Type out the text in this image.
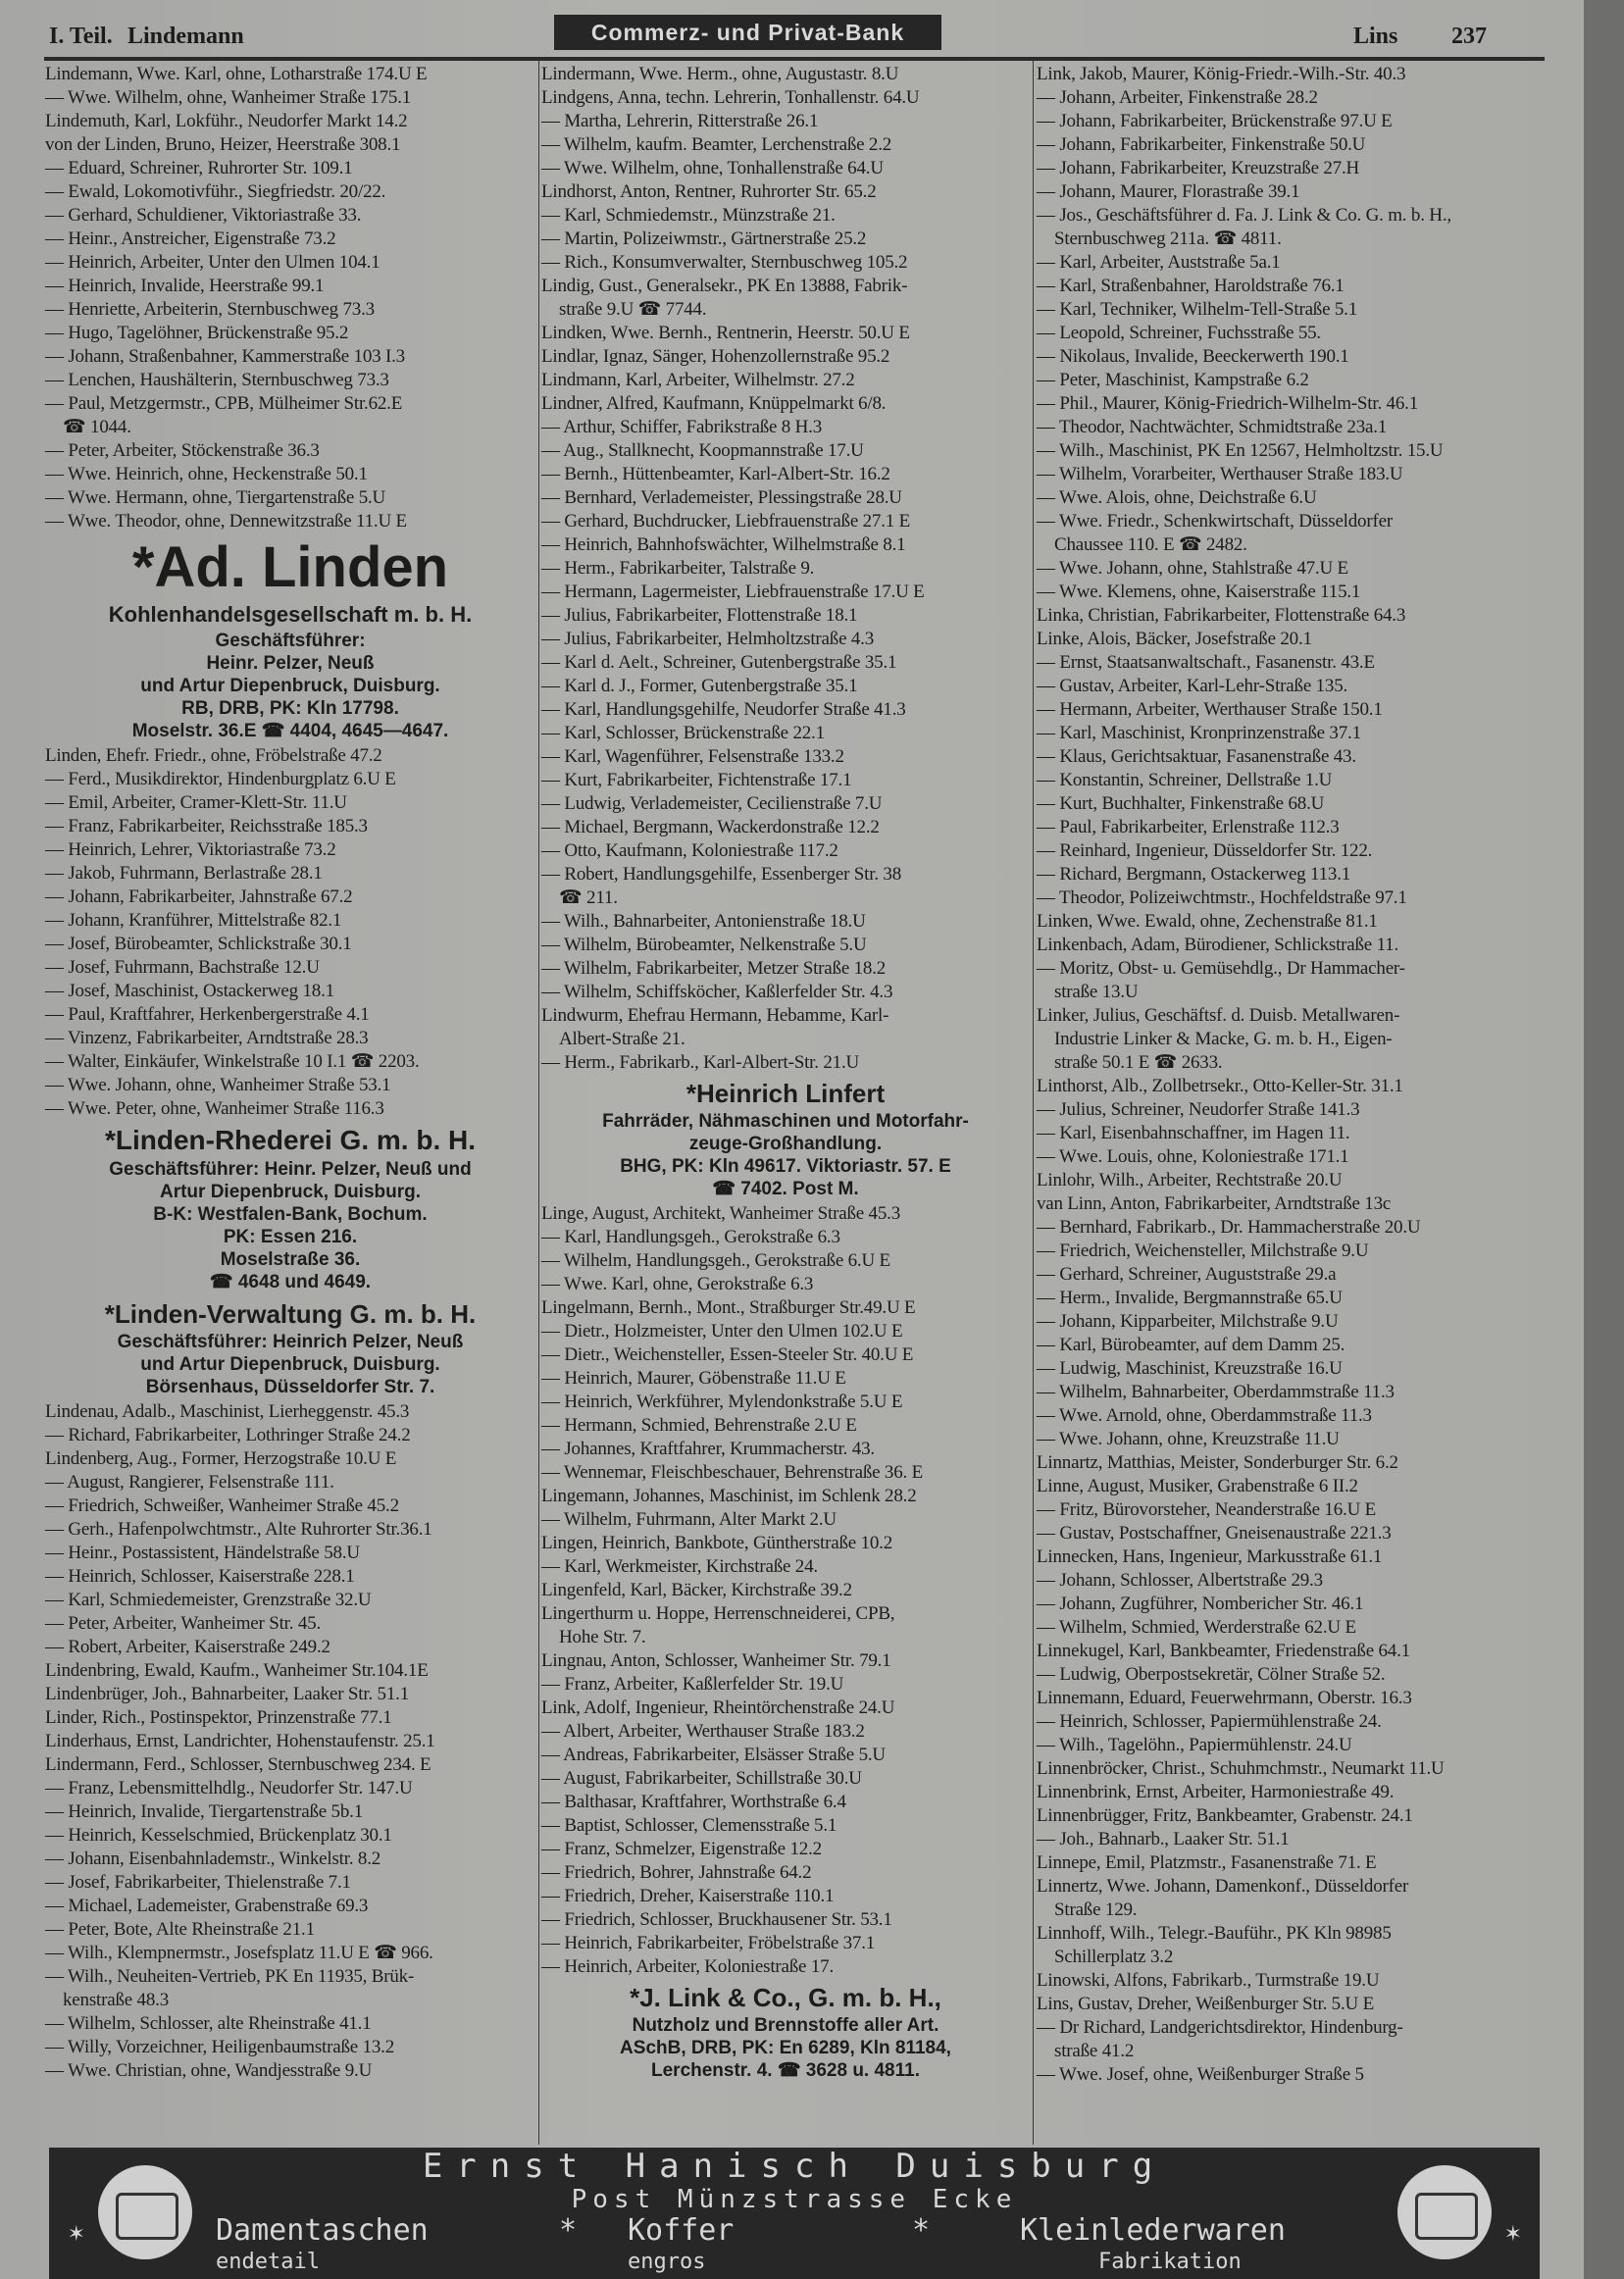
I. Teil. Lindemann	Commerz- und Privat-Bank	Lins 237
Lindemann, Wwe. Karl, ohne, Lotharstraße 174.U E
— Wwe. Wilhelm, ohne, Wanheimer Straße 175.1
Lindemuth, Karl, Lokführ., Neudorfer Markt 14.2
von der Linden, Bruno, Heizer, Heerstraße 308.1
— Eduard, Schreiner, Ruhrorter Str. 109.1
— Ewald, Lokomotivführ., Siegfriedstr. 20/22.
— Gerhard, Schuldiener, Viktoriastraße 33.
— Heinr., Anstreicher, Eigenstraße 73.2
— Heinrich, Arbeiter, Unter den Ulmen 104.1
— Heinrich, Invalide, Heerstraße 99.1
— Henriette, Arbeiterin, Sternbuschweg 73.3
— Hugo, Tagelöhner, Brückenstraße 95.2
— Johann, Straßenbahner, Kammerstraße 103 I.3
— Lenchen, Haushälterin, Sternbuschweg 73.3
— Paul, Metzgermstr., CPB, Mülheimer Str.62.E
☎ 1044.
— Peter, Arbeiter, Stöckenstraße 36.3
— Wwe. Heinrich, ohne, Heckenstraße 50.1
— Wwe. Hermann, ohne, Tiergartenstraße 5.U
— Wwe. Theodor, ohne, Dennewitzstraße 11.U E
*Ad. Linden
Kohlenhandelsgesellschaft m. b. H.
Geschäftsführer:
Heinr. Pelzer, Neuß
und Artur Diepenbruck, Duisburg.
RB, DRB, PK: Kln 17798.
Moselstr. 36.E ☎ 4404, 4645—4647.
Linden, Ehefr. Friedr., ohne, Fröbelstraße 47.2
— Ferd., Musikdirektor, Hindenburgplatz 6.U E
— Emil, Arbeiter, Cramer-Klett-Str. 11.U
— Franz, Fabrikarbeiter, Reichsstraße 185.3
— Heinrich, Lehrer, Viktoriastraße 73.2
— Jakob, Fuhrmann, Berlastraße 28.1
— Johann, Fabrikarbeiter, Jahnstraße 67.2
— Johann, Kranführer, Mittelstraße 82.1
— Josef, Bürobeamter, Schlickstraße 30.1
— Josef, Fuhrmann, Bachstraße 12.U
— Josef, Maschinist, Ostackerweg 18.1
— Paul, Kraftfahrer, Herkenbergerstraße 4.1
— Vinzenz, Fabrikarbeiter, Arndtstraße 28.3
— Walter, Einkäufer, Winkelstraße 10 I.1 ☎ 2203.
— Wwe. Johann, ohne, Wanheimer Straße 53.1
— Wwe. Peter, ohne, Wanheimer Straße 116.3
*Linden-Rhederei G. m. b. H.
Geschäftsführer: Heinr. Pelzer, Neuß und
Artur Diepenbruck, Duisburg.
B-K: Westfalen-Bank, Bochum.
PK: Essen 216.
Moselstraße 36.
☎ 4648 und 4649.
*Linden-Verwaltung G. m. b. H.
Geschäftsführer: Heinrich Pelzer, Neuß
und Artur Diepenbruck, Duisburg.
Börsenhaus, Düsseldorfer Str. 7.
Lindenau, Adalb., Maschinist, Lierheggenstr. 45.3
— Richard, Fabrikarbeiter, Lothringer Straße 24.2
Lindenberg, Aug., Former, Herzogstraße 10.U E
— August, Rangierer, Felsenstraße 111.
— Friedrich, Schweißer, Wanheimer Straße 45.2
— Gerh., Hafenpolwchtmstr., Alte Ruhrorter Str.36.1
— Heinr., Postassistent, Händelstraße 58.U
— Heinrich, Schlosser, Kaiserstraße 228.1
— Karl, Schmiedemeister, Grenzstraße 32.U
— Peter, Arbeiter, Wanheimer Str. 45.
— Robert, Arbeiter, Kaiserstraße 249.2
Lindenbring, Ewald, Kaufm., Wanheimer Str.104.1E
Lindenbrüger, Joh., Bahnarbeiter, Laaker Str. 51.1
Linder, Rich., Postinspektor, Prinzenstraße 77.1
Linderhaus, Ernst, Landrichter, Hohenstaufenstr. 25.1
Lindermann, Ferd., Schlosser, Sternbuschweg 234. E
— Franz, Lebensmittelhdlg., Neudorfer Str. 147.U
— Heinrich, Invalide, Tiergartenstraße 5b.1
— Heinrich, Kesselschmied, Brückenplatz 30.1
— Johann, Eisenbahnlademstr., Winkelstr. 8.2
— Josef, Fabrikarbeiter, Thielenstraße 7.1
— Michael, Lademeister, Grabenstraße 69.3
— Peter, Bote, Alte Rheinstraße 21.1
— Wilh., Klempnermstr., Josefsplatz 11.U E ☎ 966.
— Wilh., Neuheiten-Vertrieb, PK En 11935, Brük-
kenstraße 48.3
— Wilhelm, Schlosser, alte Rheinstraße 41.1
— Willy, Vorzeichner, Heiligenbaumstraße 13.2
— Wwe. Christian, ohne, Wandjesstraße 9.U
Lindermann, Wwe. Herm., ohne, Augustastr. 8.U
Lindgens, Anna, techn. Lehrerin, Tonhallenstr. 64.U
— Martha, Lehrerin, Ritterstraße 26.1
— Wilhelm, kaufm. Beamter, Lerchenstraße 2.2
— Wwe. Wilhelm, ohne, Tonhallenstraße 64.U
Lindhorst, Anton, Rentner, Ruhrorter Str. 65.2
— Karl, Schmiedemstr., Münzstraße 21.
— Martin, Polizeiwmstr., Gärtnerstraße 25.2
— Rich., Konsumverwalter, Sternbuschweg 105.2
Lindig, Gust., Generalsekr., PK En 13888, Fabrik-
straße 9.U ☎ 7744.
Lindken, Wwe. Bernh., Rentnerin, Heerstr. 50.U E
Lindlar, Ignaz, Sänger, Hohenzollernstraße 95.2
Lindmann, Karl, Arbeiter, Wilhelmstr. 27.2
Lindner, Alfred, Kaufmann, Knüppelmarkt 6/8.
— Arthur, Schiffer, Fabrikstraße 8 H.3
— Aug., Stallknecht, Koopmannstraße 17.U
— Bernh., Hüttenbeamter, Karl-Albert-Str. 16.2
— Bernhard, Verlademeister, Plessingstraße 28.U
— Gerhard, Buchdrucker, Liebfrauenstraße 27.1 E
— Heinrich, Bahnhofswächter, Wilhelmstraße 8.1
— Herm., Fabrikarbeiter, Talstraße 9.
— Hermann, Lagermeister, Liebfrauenstraße 17.U E
— Julius, Fabrikarbeiter, Flottenstraße 18.1
— Julius, Fabrikarbeiter, Helmholtzstraße 4.3
— Karl d. Aelt., Schreiner, Gutenbergstraße 35.1
— Karl d. J., Former, Gutenbergstraße 35.1
— Karl, Handlungsgehilfe, Neudorfer Straße 41.3
— Karl, Schlosser, Brückenstraße 22.1
— Karl, Wagenführer, Felsenstraße 133.2
— Kurt, Fabrikarbeiter, Fichtenstraße 17.1
— Ludwig, Verlademeister, Cecilienstraße 7.U
— Michael, Bergmann, Wackerdonstraße 12.2
— Otto, Kaufmann, Koloniestraße 117.2
— Robert, Handlungsgehilfe, Essenberger Str. 38
☎ 211.
— Wilh., Bahnarbeiter, Antonienstraße 18.U
— Wilhelm, Bürobeamter, Nelkenstraße 5.U
— Wilhelm, Fabrikarbeiter, Metzer Straße 18.2
— Wilhelm, Schiffsköcher, Kaßlerfelder Str. 4.3
Lindwurm, Ehefrau Hermann, Hebamme, Karl-
Albert-Straße 21.
— Herm., Fabrikarb., Karl-Albert-Str. 21.U
*Heinrich Linfert
Fahrräder, Nähmaschinen und Motorfahr-
zeuge-Großhandlung.
BHG, PK: Kln 49617. Viktoriastr. 57. E
☎ 7402. Post M.
Linge, August, Architekt, Wanheimer Straße 45.3
— Karl, Handlungsgeh., Gerokstraße 6.3
— Wilhelm, Handlungsgeh., Gerokstraße 6.U E
— Wwe. Karl, ohne, Gerokstraße 6.3
Lingelmann, Bernh., Mont., Straßburger Str.49.U E
— Dietr., Holzmeister, Unter den Ulmen 102.U E
— Dietr., Weichensteller, Essen-Steeler Str. 40.U E
— Heinrich, Maurer, Göbenstraße 11.U E
— Heinrich, Werkführer, Mylendonkstraße 5.U E
— Hermann, Schmied, Behrenstraße 2.U E
— Johannes, Kraftfahrer, Krummacherstr. 43.
— Wennemar, Fleischbeschauer, Behrenstraße 36. E
Lingemann, Johannes, Maschinist, im Schlenk 28.2
— Wilhelm, Fuhrmann, Alter Markt 2.U
Lingen, Heinrich, Bankbote, Güntherstraße 10.2
— Karl, Werkmeister, Kirchstraße 24.
Lingenfeld, Karl, Bäcker, Kirchstraße 39.2
Lingerthurm u. Hoppe, Herrenschneiderei, CPB,
Hohe Str. 7.
Lingnau, Anton, Schlosser, Wanheimer Str. 79.1
— Franz, Arbeiter, Kaßlerfelder Str. 19.U
Link, Adolf, Ingenieur, Rheintörchenstraße 24.U
— Albert, Arbeiter, Werthauser Straße 183.2
— Andreas, Fabrikarbeiter, Elsässer Straße 5.U
— August, Fabrikarbeiter, Schillstraße 30.U
— Balthasar, Kraftfahrer, Worthstraße 6.4
— Baptist, Schlosser, Clemensstraße 5.1
— Franz, Schmelzer, Eigenstraße 12.2
— Friedrich, Bohrer, Jahnstraße 64.2
— Friedrich, Dreher, Kaiserstraße 110.1
— Friedrich, Schlosser, Bruckhausener Str. 53.1
— Heinrich, Fabrikarbeiter, Fröbelstraße 37.1
— Heinrich, Arbeiter, Koloniestraße 17.
*J. Link & Co., G. m. b. H.,
Nutzholz und Brennstoffe aller Art.
ASchB, DRB, PK: En 6289, Kln 81184,
Lerchenstr. 4. ☎ 3628 u. 4811.
Link, Jakob, Maurer, König-Friedr.-Wilh.-Str. 40.3
— Johann, Arbeiter, Finkenstraße 28.2
— Johann, Fabrikarbeiter, Brückenstraße 97.U E
— Johann, Fabrikarbeiter, Finkenstraße 50.U
— Johann, Fabrikarbeiter, Kreuzstraße 27.H
— Johann, Maurer, Florastraße 39.1
— Jos., Geschäftsführer d. Fa. J. Link & Co. G. m. b. H.,
Sternbuschweg 211a. ☎ 4811.
— Karl, Arbeiter, Auststraße 5a.1
— Karl, Straßenbahner, Haroldstraße 76.1
— Karl, Techniker, Wilhelm-Tell-Straße 5.1
— Leopold, Schreiner, Fuchsstraße 55.
— Nikolaus, Invalide, Beeckerwerth 190.1
— Peter, Maschinist, Kampstraße 6.2
— Phil., Maurer, König-Friedrich-Wilhelm-Str. 46.1
— Theodor, Nachtwächter, Schmidtstraße 23a.1
— Wilh., Maschinist, PK En 12567, Helmholtzstr. 15.U
— Wilhelm, Vorarbeiter, Werthauser Straße 183.U
— Wwe. Alois, ohne, Deichstraße 6.U
— Wwe. Friedr., Schenkwirtschaft, Düsseldorfer
Chaussee 110. E ☎ 2482.
— Wwe. Johann, ohne, Stahlstraße 47.U E
— Wwe. Klemens, ohne, Kaiserstraße 115.1
Linka, Christian, Fabrikarbeiter, Flottenstraße 64.3
Linke, Alois, Bäcker, Josefstraße 20.1
— Ernst, Staatsanwaltschaft., Fasanenstr. 43.E
— Gustav, Arbeiter, Karl-Lehr-Straße 135.
— Hermann, Arbeiter, Werthauser Straße 150.1
— Karl, Maschinist, Kronprinzenstraße 37.1
— Klaus, Gerichtsaktuar, Fasanenstraße 43.
— Konstantin, Schreiner, Dellstraße 1.U
— Kurt, Buchhalter, Finkenstraße 68.U
— Paul, Fabrikarbeiter, Erlenstraße 112.3
— Reinhard, Ingenieur, Düsseldorfer Str. 122.
— Richard, Bergmann, Ostackerweg 113.1
— Theodor, Polizeiwchtmstr., Hochfeldstraße 97.1
Linken, Wwe. Ewald, ohne, Zechenstraße 81.1
Linkenbach, Adam, Bürodiener, Schlickstraße 11.
— Moritz, Obst- u. Gemüsehdlg., Dr Hammacher-
straße 13.U
Linker, Julius, Geschäftsf. d. Duisb. Metallwaren-
Industrie Linker & Macke, G. m. b. H., Eigen-
straße 50.1 E ☎ 2633.
Linthorst, Alb., Zollbetrsekr., Otto-Keller-Str. 31.1
— Julius, Schreiner, Neudorfer Straße 141.3
— Karl, Eisenbahnschaffner, im Hagen 11.
— Wwe. Louis, ohne, Koloniestraße 171.1
Linlohr, Wilh., Arbeiter, Rechtstraße 20.U
van Linn, Anton, Fabrikarbeiter, Arndtstraße 13c
— Bernhard, Fabrikarb., Dr. Hammacherstraße 20.U
— Friedrich, Weichensteller, Milchstraße 9.U
— Gerhard, Schreiner, Auguststraße 29.a
— Herm., Invalide, Bergmannstraße 65.U
— Johann, Kipparbeiter, Milchstraße 9.U
— Karl, Bürobeamter, auf dem Damm 25.
— Ludwig, Maschinist, Kreuzstraße 16.U
— Wilhelm, Bahnarbeiter, Oberdammstraße 11.3
— Wwe. Arnold, ohne, Oberdammstraße 11.3
— Wwe. Johann, ohne, Kreuzstraße 11.U
Linnartz, Matthias, Meister, Sonderburger Str. 6.2
Linne, August, Musiker, Grabenstraße 6 II.2
— Fritz, Bürovorsteher, Neanderstraße 16.U E
— Gustav, Postschaffner, Gneisenaustraße 221.3
Linnecken, Hans, Ingenieur, Markusstraße 61.1
— Johann, Schlosser, Albertstraße 29.3
— Johann, Zugführer, Nombericher Str. 46.1
— Wilhelm, Schmied, Werderstraße 62.U E
Linnekugel, Karl, Bankbeamter, Friedenstraße 64.1
— Ludwig, Oberpostsekretär, Cölner Straße 52.
Linnemann, Eduard, Feuerwehrmann, Oberstr. 16.3
— Heinrich, Schlosser, Papiermühlenstraße 24.
— Wilh., Tagelöhn., Papiermühlenstr. 24.U
Linnenbröcker, Christ., Schuhmchmstr., Neumarkt 11.U
Linnenbrink, Ernst, Arbeiter, Harmoniestraße 49.
Linnenbrügger, Fritz, Bankbeamter, Grabenstr. 24.1
— Joh., Bahnarb., Laaker Str. 51.1
Linnepe, Emil, Platzmstr., Fasanenstraße 71. E
Linnertz, Wwe. Johann, Damenkonf., Düsseldorfer
Straße 129.
Linnhoff, Wilh., Telegr.-Bauführ., PK Kln 98985
Schillerplatz 3.2
Linowski, Alfons, Fabrikarb., Turmstraße 19.U
Lins, Gustav, Dreher, Weißenburger Str. 5.U E
— Dr Richard, Landgerichtsdirektor, Hindenburg-
straße 41.2
— Wwe. Josef, ohne, Weißenburger Straße 5
✶	✶
Ernst Hanisch Duisburg
Post Münzstrasse Ecke
Damentaschen	* Koffer	*	Kleinlederwaren
endetail	engros	Fabrikation
